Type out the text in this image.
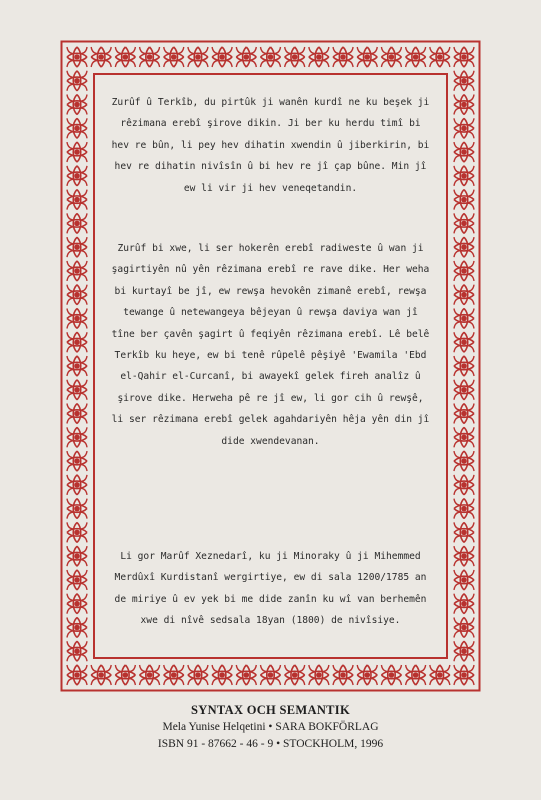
Zurûf û Terkîb, du pirtûk ji wanên kurdî ne ku beşek ji rêzimana erebî şirove dikin. Ji ber ku herdu timî bi hev re bûn, li pey hev dihatin xwendin û jiberkirin, bi hev re dihatin nivîsîn û bi hev re jî çap bûne. Min jî ew li vir ji hev veneqetandin.
Zurûf bi xwe, li ser hokerên erebî radiweste û wan ji şagirtiyên nû yên rêzimana erebî re rave dike. Her weha bi kurtayî be jî, ew rewşa hevokên zimanê erebî, rewşa tewange û netewangeya bêjeyan û rewşa daviya wan jî tîne ber çavên şagirt û feqiyên rêzimana erebî. Lê belê Terkîb ku heye, ew bi tenê rûpelê pêşiyê 'Ewamila 'Ebd el-Qahir el-Curcanî, bi awayekî gelek fireh analîz û şirove dike. Herweha pê re jî ew, li gor cih û rewşê, li ser rêzimana erebî gelek agahdariyên hêja yên din jî dide xwendevanan.
Li gor Marûf Xeznedarî, ku ji Minoraky û ji Mihemmed Merdûxî Kurdistanî wergirtiye, ew di sala 1200/1785 an de miriye û ev yek bi me dide zanîn ku wî van berhemên xwe di nîvê sedsala 18yan (1800) de nivîsiye.
SYNTAX OCH SEMANTIK
Mela Yunise Helqetini • SARA BOKFÖRLAG
ISBN 91 - 87662 - 46 - 9 • STOCKHOLM, 1996
